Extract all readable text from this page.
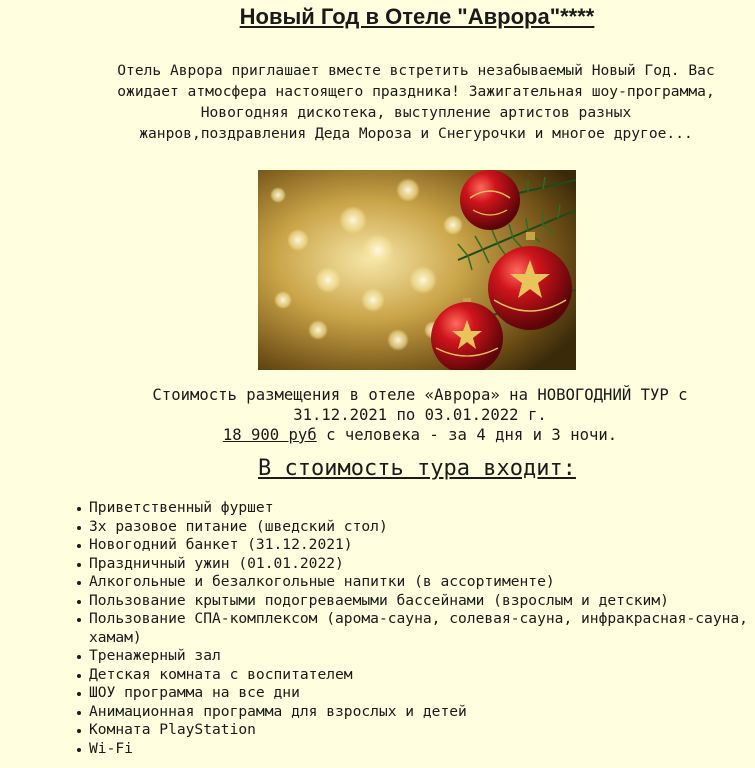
Новый Год в Отеле "Аврора"****

Отель Аврора приглашает вместе встретить незабываемый Новый Год. Вас
ожидает атмосфера настоящего праздника! Зажигательная шоу-программа,
Новогодняя дискотека, выступление артистов разных
жанров,поздравления Деда Мороза и Снегурочки и многое другое...

Стоимость размещения в отеле «Аврора» на НОВОГОДНИЙ ТУР с
31.12.2021 по 03.01.2022 г.
18 900 руб с человека - за 4 дня и 3 ночи.

В стоимость тура входит:
Приветственный фуршет
3х разовое питание (шведский стол)
Новогодний банкет (31.12.2021)
Праздничный ужин (01.01.2022)
Алкогольные и безалкогольные напитки (в ассортименте)
Пользование крытыми подогреваемыми бассейнами (взрослым и детским)
Пользование СПА-комплексом (арома-сауна, солевая-сауна, инфракрасная-сауна, хамам)
Тренажерный зал
Детская комната с воспитателем
ШОУ программа на все дни
Анимационная программа для взрослых и детей
Комната PlayStation
Wi-Fi
